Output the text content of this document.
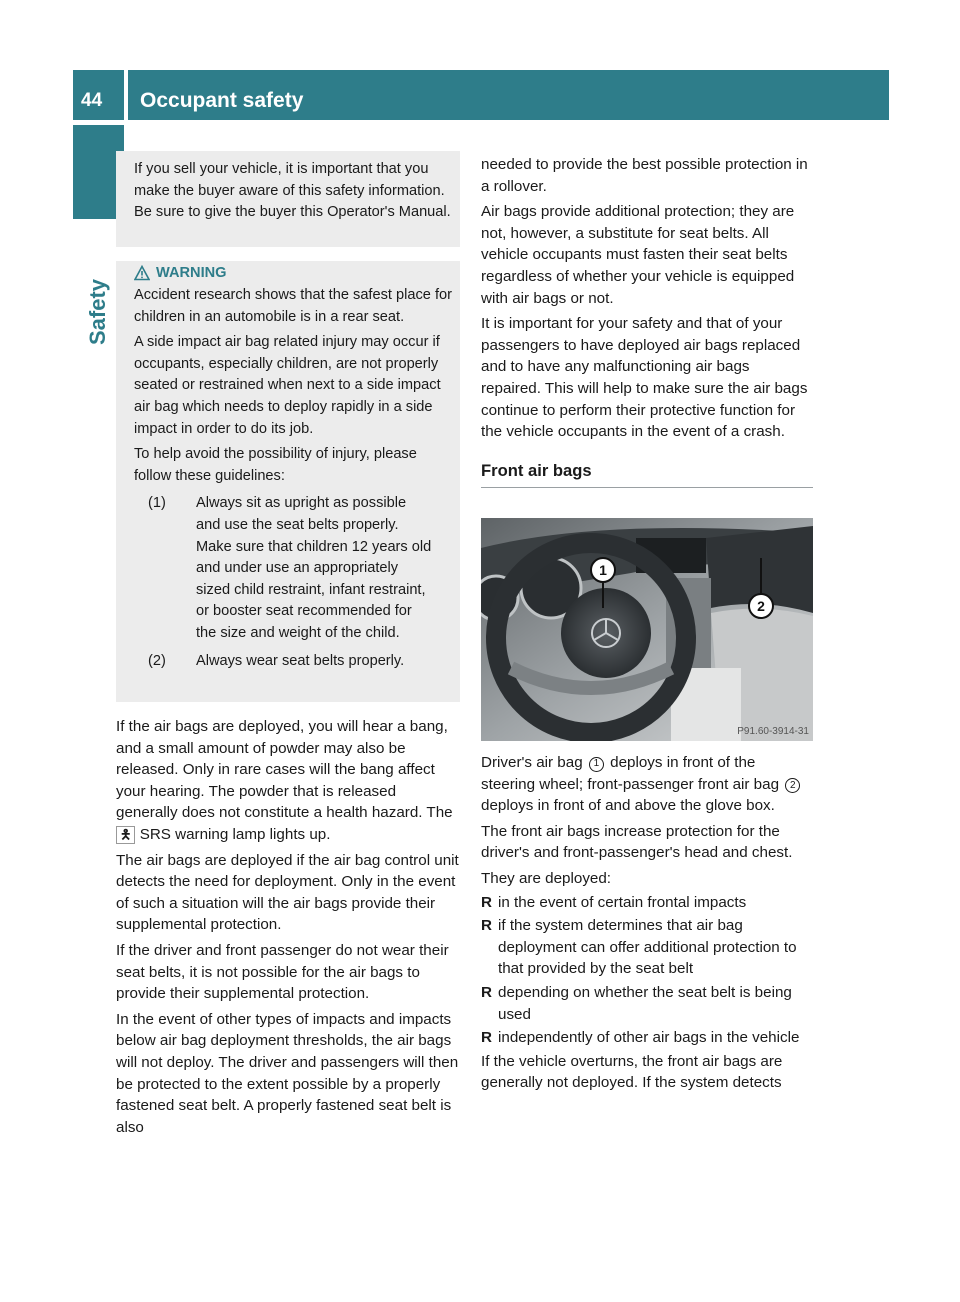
44 Occupant safety
Safety

If you sell your vehicle, it is important that you make the buyer aware of this safety information. Be sure to give the buyer this Operator's Manual.

WARNING

Accident research shows that the safest place for children in an automobile is in a rear seat.

A side impact air bag related injury may occur if occupants, especially children, are not properly seated or restrained when next to a side impact air bag which needs to deploy rapidly in a side impact in order to do its job.

To help avoid the possibility of injury, please follow these guidelines:

(1)	Always sit as upright as possible and use the seat belts properly. Make sure that children 12 years old and under use an appropriately sized child restraint, infant restraint, or booster seat recommended for the size and weight of the child.
(2)	Always wear seat belts properly.

If the air bags are deployed, you will hear a bang, and a small amount of powder may also be released. Only in rare cases will the bang affect your hearing. The powder that is released generally does not constitute a health hazard. The 🯅 SRS warning lamp lights up.

The air bags are deployed if the air bag control unit detects the need for deployment. Only in the event of such a situation will the air bags provide their supplemental protection.

If the driver and front passenger do not wear their seat belts, it is not possible for the air bags to provide their supplemental protection.

In the event of other types of impacts and impacts below air bag deployment thresholds, the air bags will not deploy. The driver and passengers will then be protected to the extent possible by a properly fastened seat belt. A properly fastened seat belt is also

needed to provide the best possible protection in a rollover.

Air bags provide additional protection; they are not, however, a substitute for seat belts. All vehicle occupants must fasten their seat belts regardless of whether your vehicle is equipped with air bags or not.

It is important for your safety and that of your passengers to have deployed air bags replaced and to have any malfunctioning air bags repaired. This will help to make sure the air bags continue to perform their protective function for the vehicle occupants in the event of a crash.

Front air bags
1
2
P91.60-3914-31

Driver's air bag 1 deploys in front of the steering wheel; front-passenger front air bag 2 deploys in front of and above the glove box.

The front air bags increase protection for the driver's and front-passenger's head and chest.

They are deployed:

R in the event of certain frontal impacts
R if the system determines that air bag deployment can offer additional protection to that provided by the seat belt
R depending on whether the seat belt is being used
R independently of other air bags in the vehicle

If the vehicle overturns, the front air bags are generally not deployed. If the system detects
